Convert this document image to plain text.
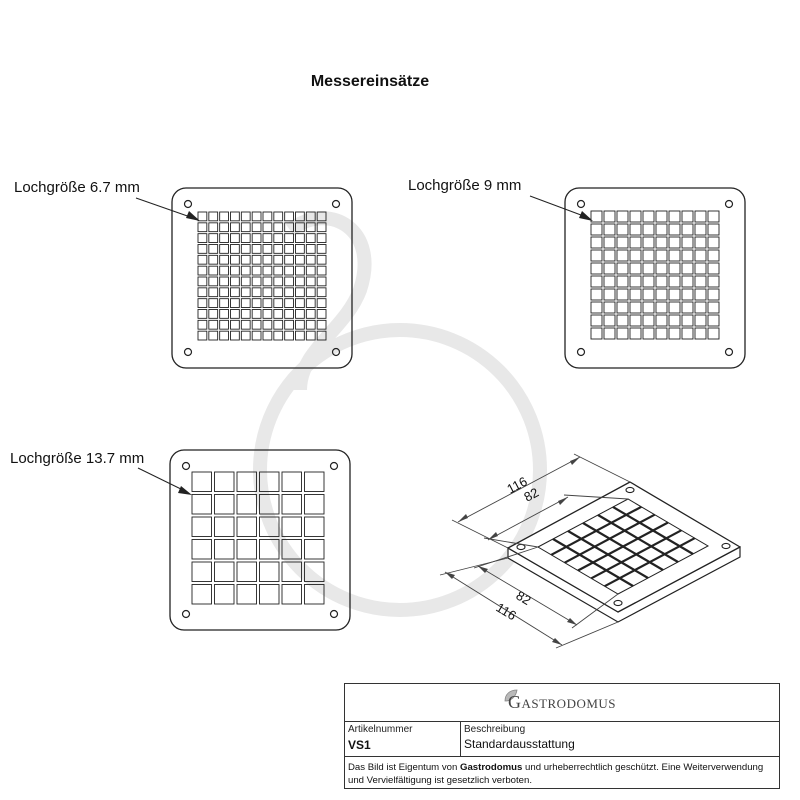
Messereinsätze
Lochgröße 6.7 mm	Lochgröße 9 mm
Lochgröße 13.7 mm
116
82
82
116
Gastrodomus
Artikelnummer
VS1
Beschreibung
Standardausstattung
Das Bild ist Eigentum von Gastrodomus und urheberrechtlich geschützt. Eine Weiterverwendung und Vervielfältigung ist gesetzlich verboten.
